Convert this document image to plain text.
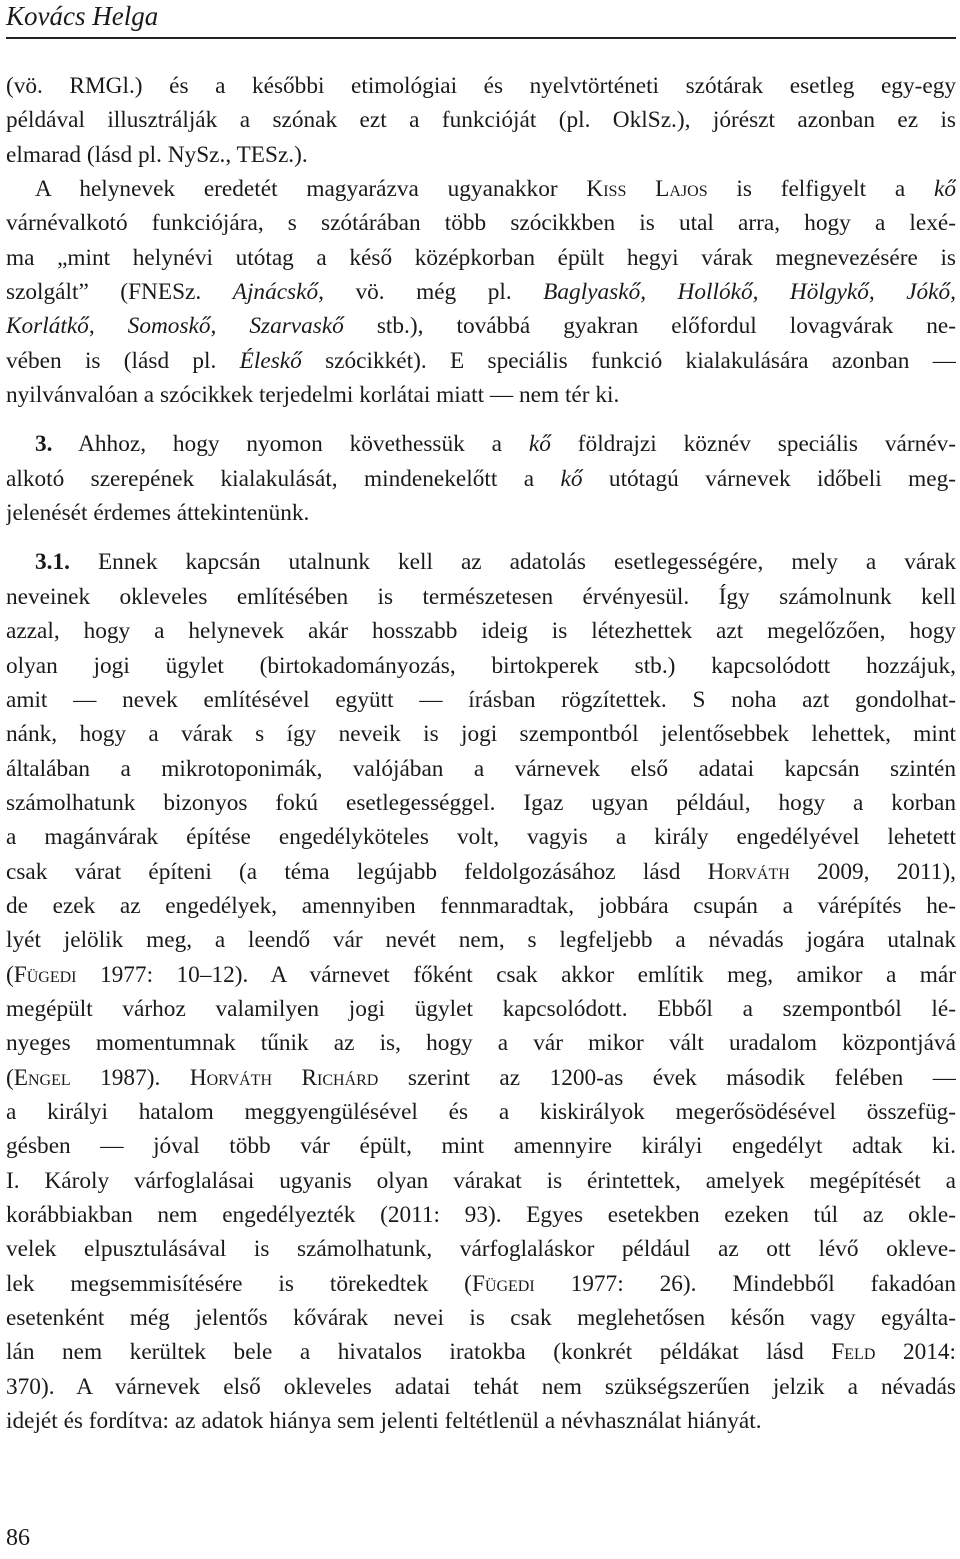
Kovács Helga
(vö. RMGl.) és a későbbi etimológiai és nyelvtörténeti szótárak esetleg egy-egy
példával illusztrálják a szónak ezt a funkcióját (pl. OklSz.), jórészt azonban ez is
elmarad (lásd pl. NySz., TESz.).
A helynevek eredetét magyarázva ugyanakkor Kiss Lajos is felfigyelt a kő
várnévalkotó funkciójára, s szótárában több szócikkben is utal arra, hogy a lexé-
ma „mint helynévi utótag a késő középkorban épült hegyi várak megnevezésére is
szolgált” (FNESz. Ajnácskő, vö. még pl. Baglyaskő, Hollókő, Hölgykő, Jókő,
Korlátkő, Somoskő, Szarvaskő stb.), továbbá gyakran előfordul lovagvárak ne-
vében is (lásd pl. Éleskő szócikkét). E speciális funkció kialakulására azonban —
nyilvánvalóan a szócikkek terjedelmi korlátai miatt — nem tér ki.
3. Ahhoz, hogy nyomon követhessük a kő földrajzi köznév speciális várnév-
alkotó szerepének kialakulását, mindenekelőtt a kő utótagú várnevek időbeli meg-
jelenését érdemes áttekintenünk.
3.1. Ennek kapcsán utalnunk kell az adatolás esetlegességére, mely a várak
neveinek okleveles említésében is természetesen érvényesül. Így számolnunk kell
azzal, hogy a helynevek akár hosszabb ideig is létezhettek azt megelőzően, hogy
olyan jogi ügylet (birtokadományozás, birtokperek stb.) kapcsolódott hozzájuk,
amit — nevek említésével együtt — írásban rögzítettek. S noha azt gondolhat-
nánk, hogy a várak s így neveik is jogi szempontból jelentősebbek lehettek, mint
általában a mikrotoponimák, valójában a várnevek első adatai kapcsán szintén
számolhatunk bizonyos fokú esetlegességgel. Igaz ugyan például, hogy a korban
a magánvárak építése engedélyköteles volt, vagyis a király engedélyével lehetett
csak várat építeni (a téma legújabb feldolgozásához lásd Horváth 2009, 2011),
de ezek az engedélyek, amennyiben fennmaradtak, jobbára csupán a várépítés he-
lyét jelölik meg, a leendő vár nevét nem, s legfeljebb a névadás jogára utalnak
(Fügedi 1977: 10–12). A várnevet főként csak akkor említik meg, amikor a már
megépült várhoz valamilyen jogi ügylet kapcsolódott. Ebből a szempontból lé-
nyeges momentumnak tűnik az is, hogy a vár mikor vált uradalom központjává
(Engel 1987). Horváth Richárd szerint az 1200-as évek második felében —
a királyi hatalom meggyengülésével és a kiskirályok megerősödésével összefüg-
gésben — jóval több vár épült, mint amennyire királyi engedélyt adtak ki.
I. Károly várfoglalásai ugyanis olyan várakat is érintettek, amelyek megépítését a
korábbiakban nem engedélyezték (2011: 93). Egyes esetekben ezeken túl az okle-
velek elpusztulásával is számolhatunk, várfoglaláskor például az ott lévő okleve-
lek megsemmisítésére is törekedtek (Fügedi 1977: 26). Mindebből fakadóan
esetenként még jelentős kővárak nevei is csak meglehetősen későn vagy egyálta-
lán nem kerültek bele a hivatalos iratokba (konkrét példákat lásd Feld 2014:
370). A várnevek első okleveles adatai tehát nem szükségszerűen jelzik a névadás
idejét és fordítva: az adatok hiánya sem jelenti feltétlenül a névhasználat hiányát.
86
